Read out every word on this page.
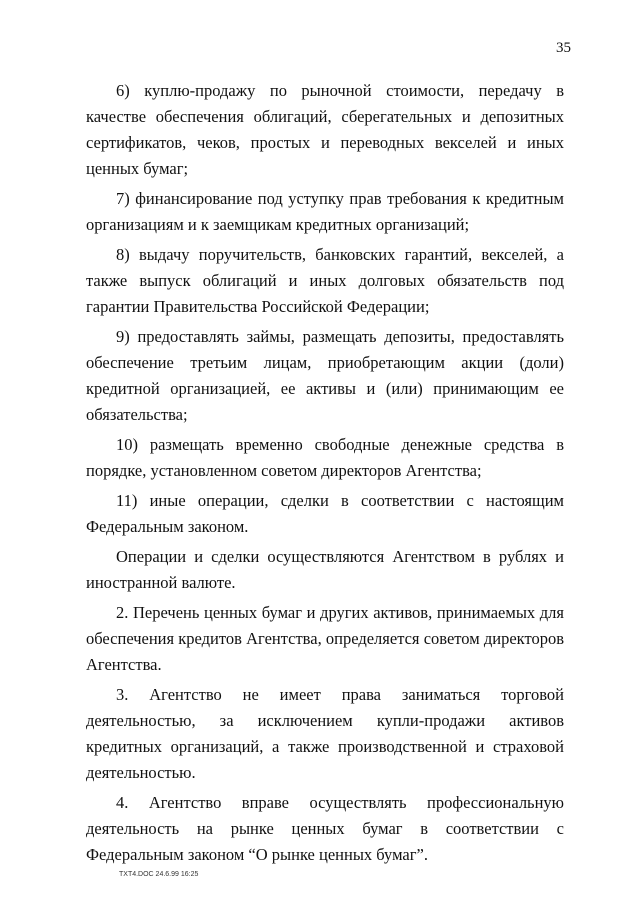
35

6) куплю-продажу по рыночной стоимости, передачу в качестве обеспечения облигаций, сберегательных и депозитных сертификатов, чеков, простых и переводных векселей и иных ценных бумаг;

7) финансирование под уступку прав требования к кредитным организациям и к заемщикам кредитных организаций;

8) выдачу поручительств, банковских гарантий, векселей, а также выпуск облигаций и иных долговых обязательств под гарантии Правительства Российской Федерации;

9) предоставлять займы, размещать депозиты, предоставлять обеспечение третьим лицам, приобретающим акции (доли) кредитной организацией, ее активы и (или) принимающим ее обязательства;

10) размещать временно свободные денежные средства в порядке, установленном советом директоров Агентства;

11) иные операции, сделки в соответствии с настоящим Федеральным законом.

Операции и сделки осуществляются Агентством в рублях и иностранной валюте.

2. Перечень ценных бумаг и других активов, принимаемых для обеспечения кредитов Агентства, определяется советом директоров Агентства.

3. Агентство не имеет права заниматься торговой деятельностью, за исключением купли-продажи активов кредитных организаций, а также производственной и страховой деятельностью.

4. Агентство вправе осуществлять профессиональную деятельность на рынке ценных бумаг в соответствии с Федеральным законом “О рынке ценных бумаг”.

TXT4.DOC 24.6.99 16:25
